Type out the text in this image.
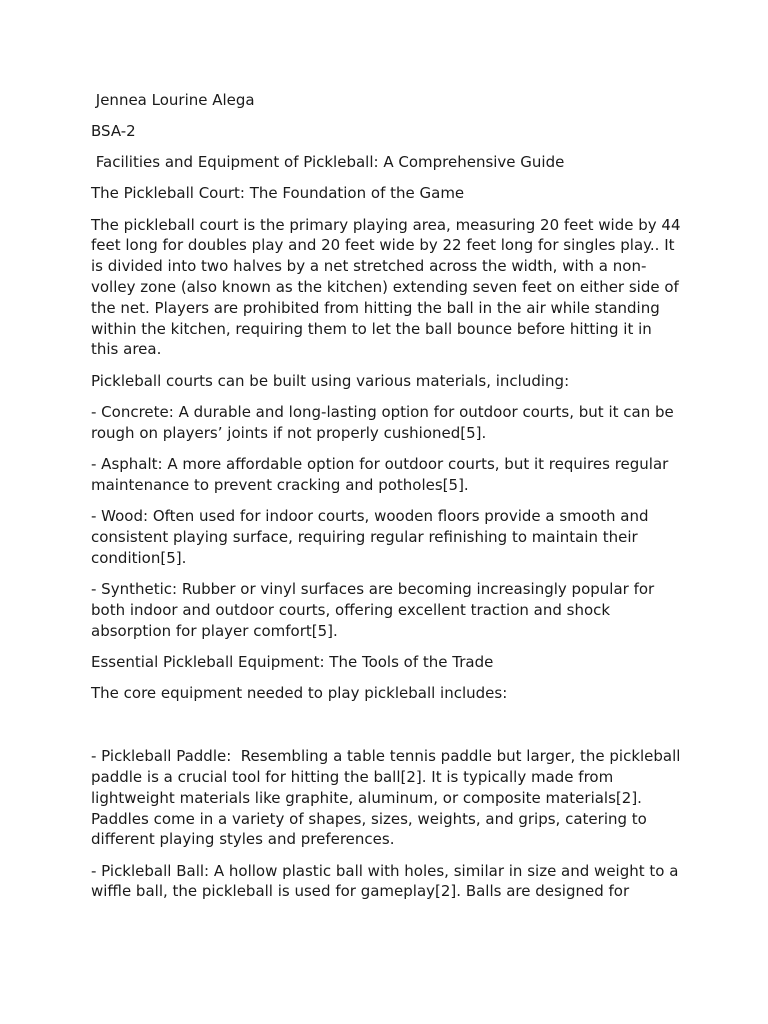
Jennea Lourine Alega

BSA-2

Facilities and Equipment of Pickleball: A Comprehensive Guide

The Pickleball Court: The Foundation of the Game

The pickleball court is the primary playing area, measuring 20 feet wide by 44 feet long for doubles play and 20 feet wide by 22 feet long for singles play.. It is divided into two halves by a net stretched across the width, with a non-volley zone (also known as the kitchen) extending seven feet on either side of the net. Players are prohibited from hitting the ball in the air while standing within the kitchen, requiring them to let the ball bounce before hitting it in this area.

Pickleball courts can be built using various materials, including:

- Concrete: A durable and long-lasting option for outdoor courts, but it can be rough on players’ joints if not properly cushioned[5].

- Asphalt: A more affordable option for outdoor courts, but it requires regular maintenance to prevent cracking and potholes[5].

- Wood: Often used for indoor courts, wooden floors provide a smooth and consistent playing surface, requiring regular refinishing to maintain their condition[5].

- Synthetic: Rubber or vinyl surfaces are becoming increasingly popular for both indoor and outdoor courts, offering excellent traction and shock absorption for player comfort[5].

Essential Pickleball Equipment: The Tools of the Trade

The core equipment needed to play pickleball includes:

- Pickleball Paddle:  Resembling a table tennis paddle but larger, the pickleball paddle is a crucial tool for hitting the ball[2]. It is typically made from lightweight materials like graphite, aluminum, or composite materials[2]. Paddles come in a variety of shapes, sizes, weights, and grips, catering to different playing styles and preferences.

- Pickleball Ball: A hollow plastic ball with holes, similar in size and weight to a wiffle ball, the pickleball is used for gameplay[2]. Balls are designed for
